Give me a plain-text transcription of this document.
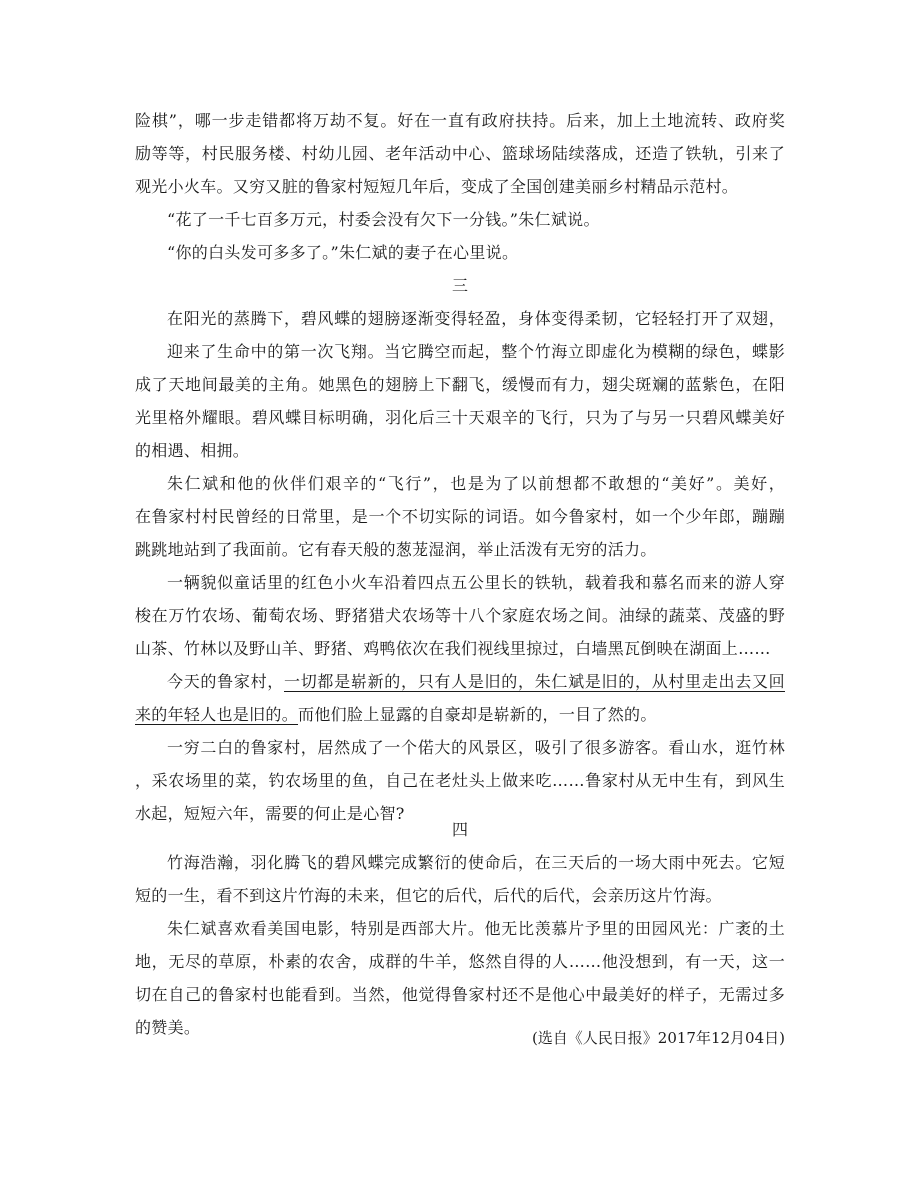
险棋”，哪一步走错都将万劫不复。好在一直有政府扶持。后来，加上土地流转、政府奖
励等等，村民服务楼、村幼儿园、老年活动中心、篮球场陆续落成，还造了铁轨，引来了
观光小火车。又穷又脏的鲁家村短短几年后，变成了全国创建美丽乡村精品示范村。
“花了一千七百多万元，村委会没有欠下一分钱。”朱仁斌说。
“你的白头发可多多了。”朱仁斌的妻子在心里说。
三
在阳光的蒸腾下，碧风蝶的翅膀逐渐变得轻盈，身体变得柔韧，它轻轻打开了双翅，
迎来了生命中的第一次飞翔。当它腾空而起，整个竹海立即虚化为模糊的绿色，蝶影
成了天地间最美的主角。她黑色的翅膀上下翻飞，缓慢而有力，翅尖斑斓的蓝紫色，在阳
光里格外耀眼。碧风蝶目标明确，羽化后三十天艰辛的飞行，只为了与另一只碧风蝶美好
的相遇、相拥。
朱仁斌和他的伙伴们艰辛的“飞行”，也是为了以前想都不敢想的“美好”。美好，
在鲁家村村民曾经的日常里，是一个不切实际的词语。如今鲁家村，如一个少年郎，蹦蹦
跳跳地站到了我面前。它有春天般的葱茏湿润，举止活泼有无穷的活力。
一辆貌似童话里的红色小火车沿着四点五公里长的铁轨，载着我和慕名而来的游人穿
梭在万竹农场、葡萄农场、野猪猎犬农场等十八个家庭农场之间。油绿的蔬菜、茂盛的野
山茶、竹林以及野山羊、野猪、鸡鸭依次在我们视线里掠过，白墙黑瓦倒映在湖面上……
今天的鲁家村，一切都是崭新的，只有人是旧的，朱仁斌是旧的，从村里走出去又回
来的年轻人也是旧的。而他们脸上显露的自豪却是崭新的，一目了然的。
一穷二白的鲁家村，居然成了一个偌大的风景区，吸引了很多游客。看山水，逛竹林
，采农场里的菜，钓农场里的鱼，自己在老灶头上做来吃……鲁家村从无中生有，到风生
水起，短短六年，需要的何止是心智?
四
竹海浩瀚，羽化腾飞的碧风蝶完成繁衍的使命后，在三天后的一场大雨中死去。它短
短的一生，看不到这片竹海的未来，但它的后代，后代的后代，会亲历这片竹海。
朱仁斌喜欢看美国电影，特别是西部大片。他无比羡慕片予里的田园风光：广袤的土
地，无尽的草原，朴素的农舍，成群的牛羊，悠然自得的人……他没想到，有一天，这一
切在自己的鲁家村也能看到。当然，他觉得鲁家村还不是他心中最美好的样子，无需过多
的赞美。
(选自《人民日报》2017年12月04日)
